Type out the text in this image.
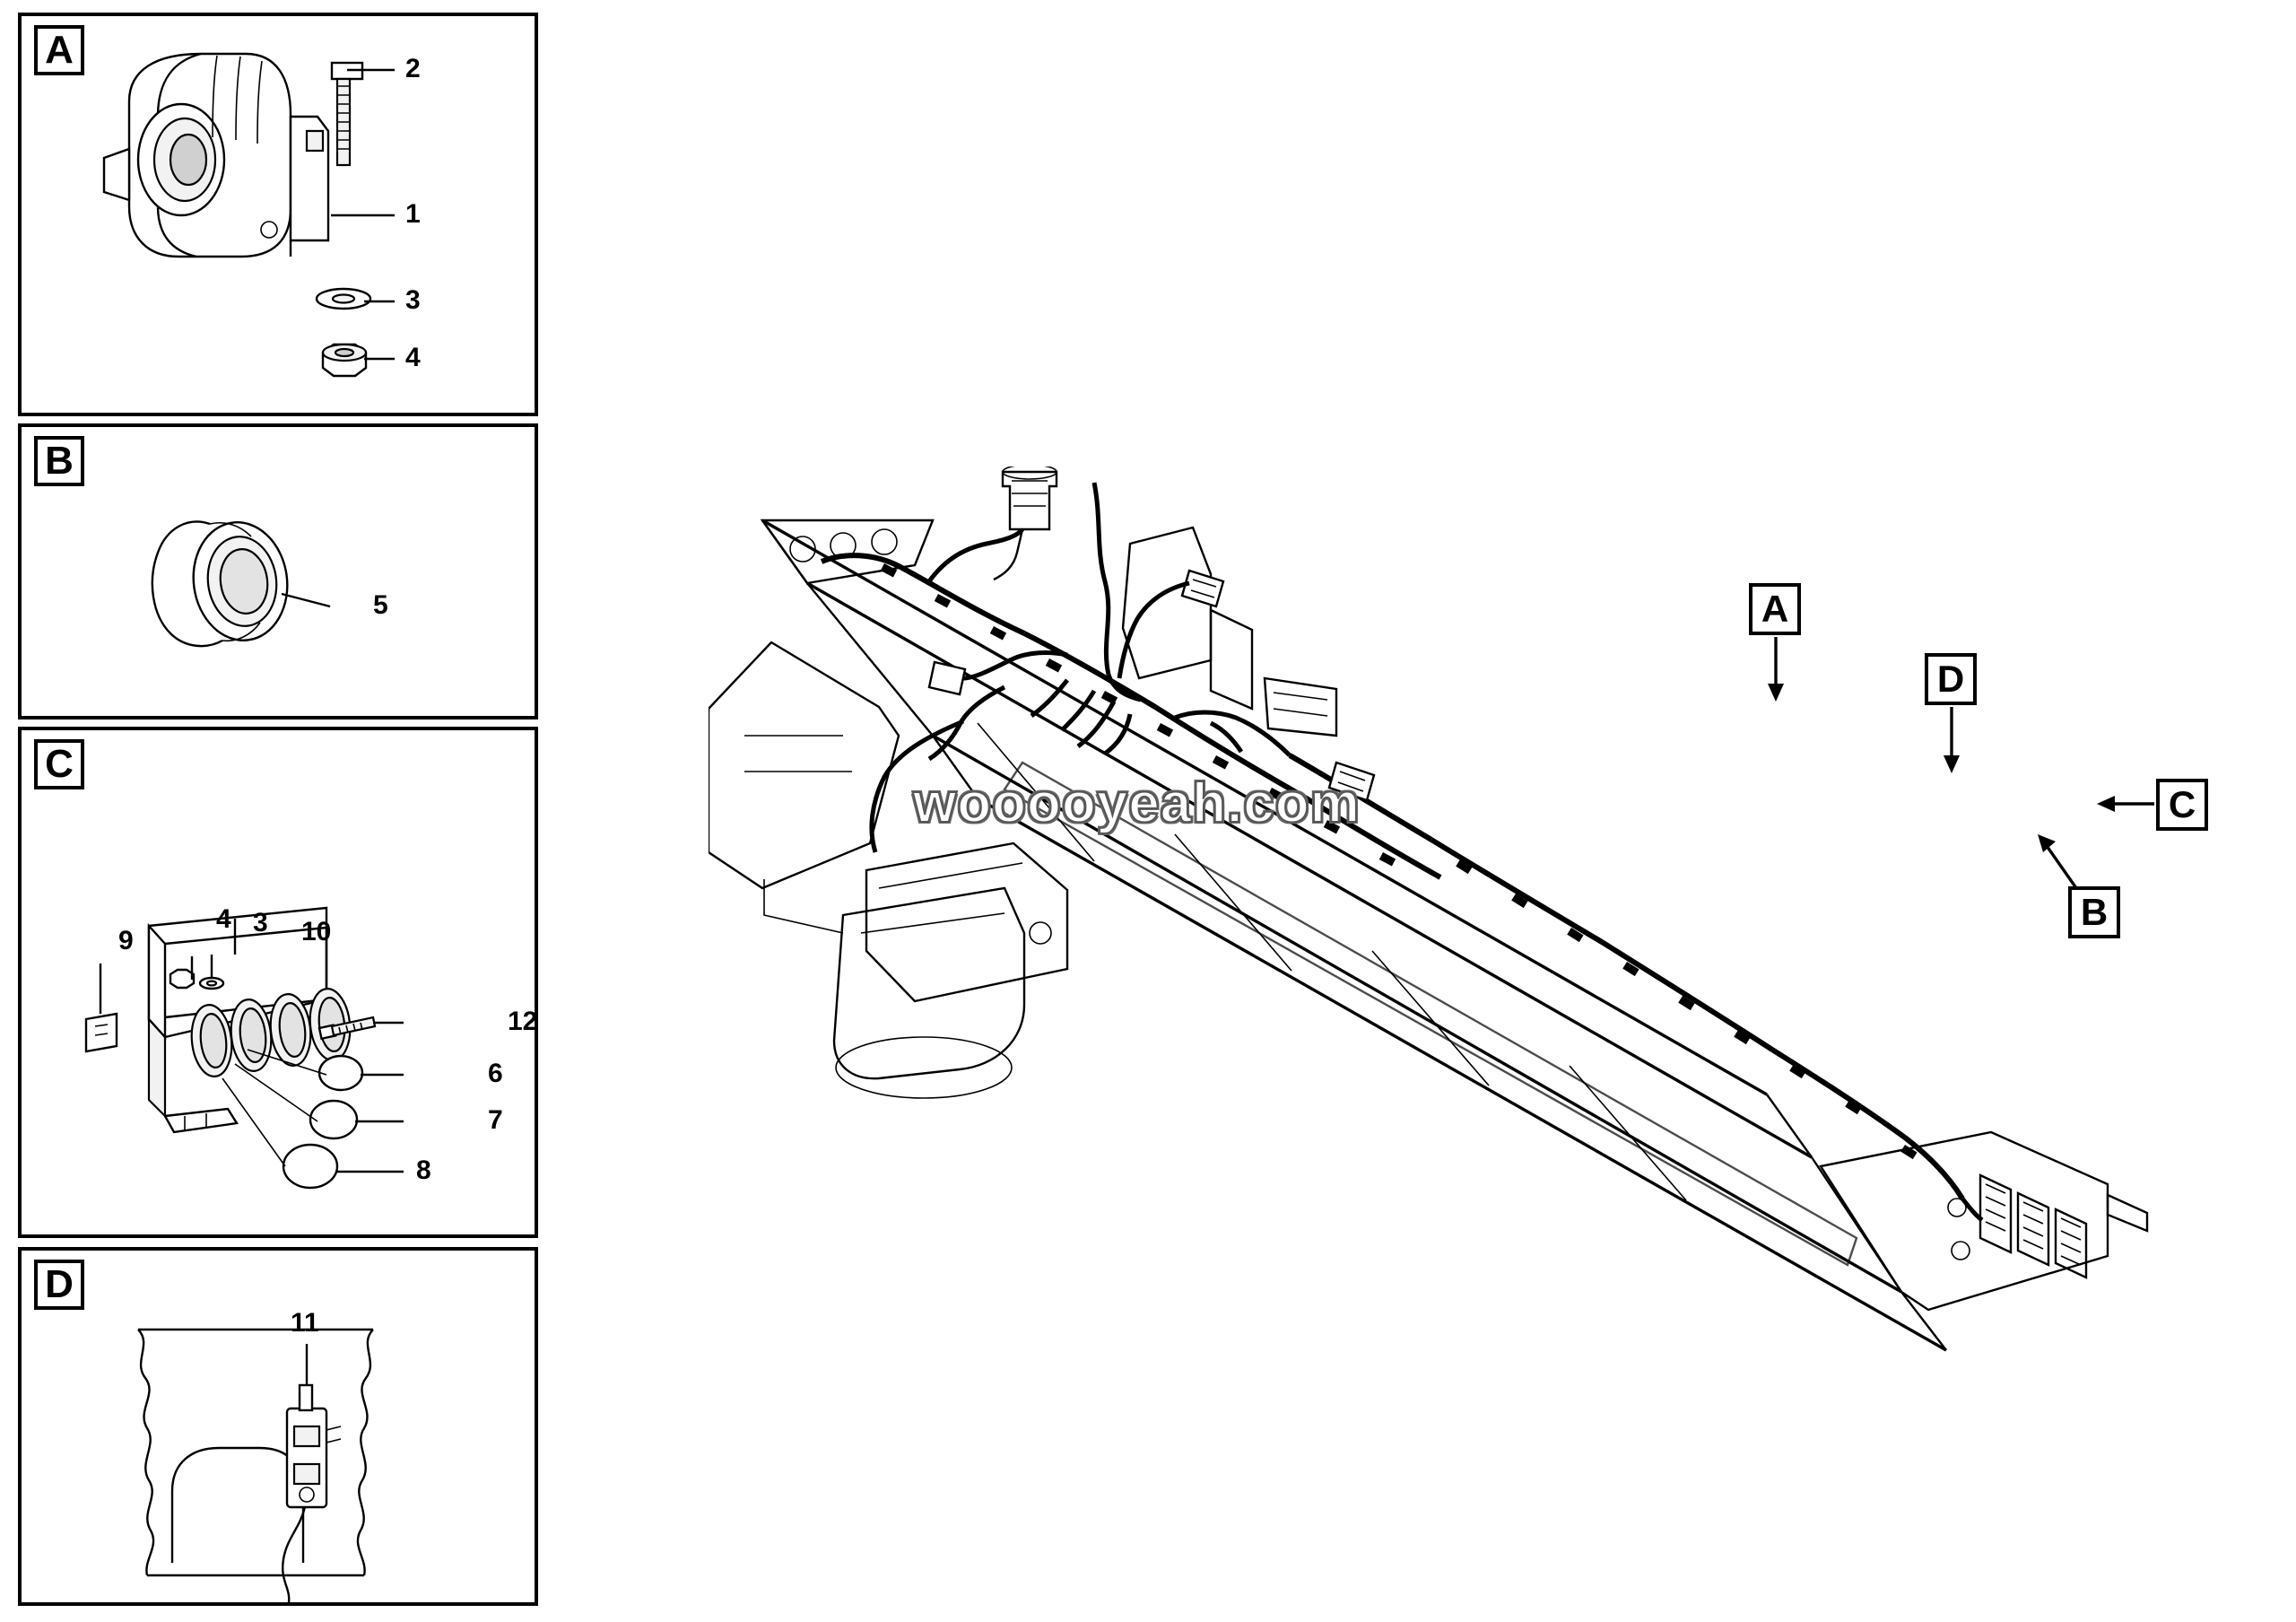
A	2
1
3
4
B
5
C
9
4 3 10
12
6
7
8
D
11
A
D
C
B
wooooyeah.com
